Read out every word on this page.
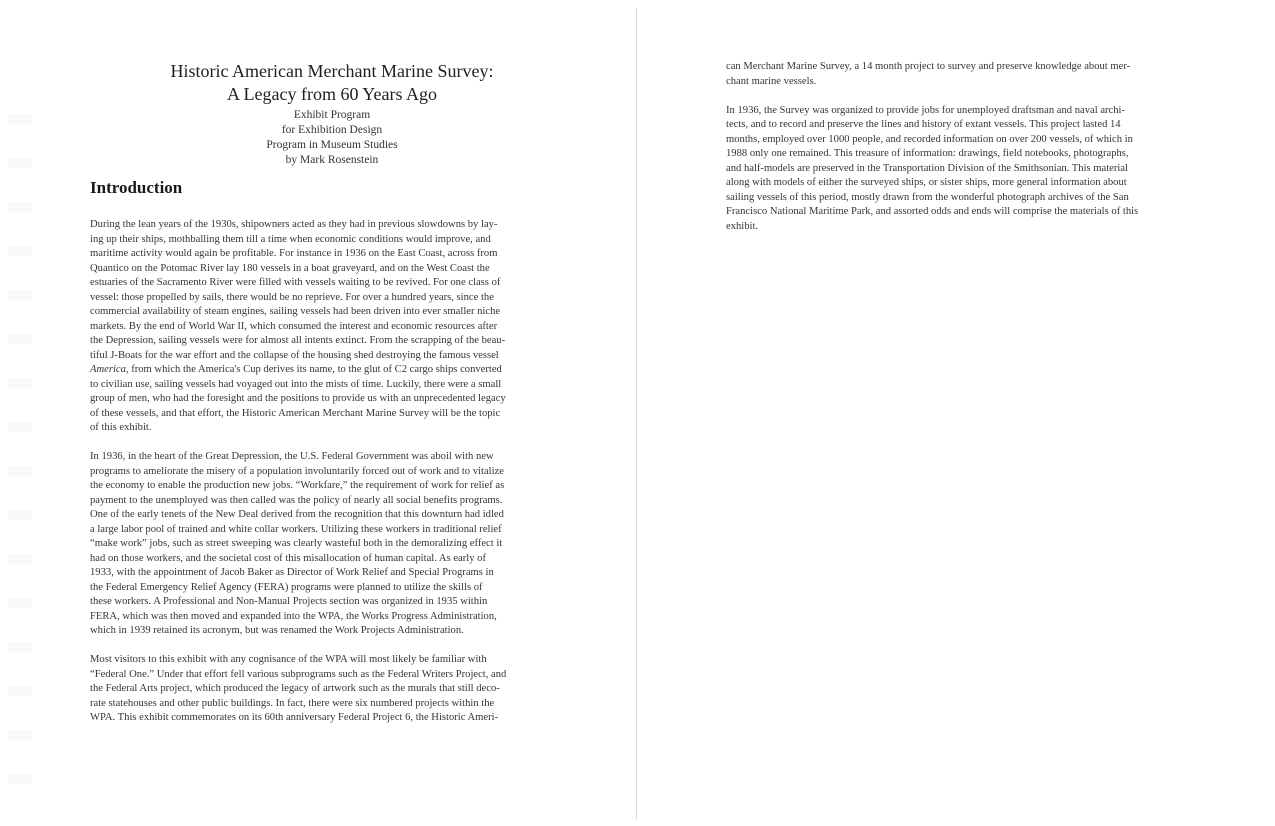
Historic American Merchant Marine Survey:
A Legacy from 60 Years Ago
Exhibit Program
for Exhibition Design
Program in Museum Studies
by Mark Rosenstein
Introduction
During the lean years of the 1930s, shipowners acted as they had in previous slowdowns by lay-
ing up their ships, mothballing them till a time when economic conditions would improve, and
maritime activity would again be profitable. For instance in 1936 on the East Coast, across from
Quantico on the Potomac River lay 180 vessels in a boat graveyard, and on the West Coast the
estuaries of the Sacramento River were filled with vessels waiting to be revived. For one class of
vessel: those propelled by sails, there would be no reprieve. For over a hundred years, since the
commercial availability of steam engines, sailing vessels had been driven into ever smaller niche
markets. By the end of World War II, which consumed the interest and economic resources after
the Depression, sailing vessels were for almost all intents extinct. From the scrapping of the beau-
tiful J-Boats for the war effort and the collapse of the housing shed destroying the famous vessel
America, from which the America's Cup derives its name, to the glut of C2 cargo ships converted
to civilian use, sailing vessels had voyaged out into the mists of time. Luckily, there were a small
group of men, who had the foresight and the positions to provide us with an unprecedented legacy
of these vessels, and that effort, the Historic American Merchant Marine Survey will be the topic
of this exhibit.
In 1936, in the heart of the Great Depression, the U.S. Federal Government was aboil with new
programs to ameliorate the misery of a population involuntarily forced out of work and to vitalize
the economy to enable the production new jobs. “Workfare,” the requirement of work for relief as
payment to the unemployed was then called was the policy of nearly all social benefits programs.
One of the early tenets of the New Deal derived from the recognition that this downturn had idled
a large labor pool of trained and white collar workers. Utilizing these workers in traditional relief
“make work” jobs, such as street sweeping was clearly wasteful both in the demoralizing effect it
had on those workers, and the societal cost of this misallocation of human capital. As early of
1933, with the appointment of Jacob Baker as Director of Work Relief and Special Programs in
the Federal Emergency Relief Agency (FERA) programs were planned to utilize the skills of
these workers. A Professional and Non-Manual Projects section was organized in 1935 within
FERA, which was then moved and expanded into the WPA, the Works Progress Administration,
which in 1939 retained its acronym, but was renamed the Work Projects Administration.
Most visitors to this exhibit with any cognisance of the WPA will most likely be familiar with
“Federal One.” Under that effort fell various subprograms such as the Federal Writers Project, and
the Federal Arts project, which produced the legacy of artwork such as the murals that still deco-
rate statehouses and other public buildings. In fact, there were six numbered projects within the
WPA. This exhibit commemorates on its 60th anniversary Federal Project 6, the Historic Ameri-
can Merchant Marine Survey, a 14 month project to survey and preserve knowledge about mer-
chant marine vessels.
In 1936, the Survey was organized to provide jobs for unemployed draftsman and naval archi-
tects, and to record and preserve the lines and history of extant vessels. This project lasted 14
months, employed over 1000 people, and recorded information on over 200 vessels, of which in
1988 only one remained. This treasure of information: drawings, field notebooks, photographs,
and half-models are preserved in the Transportation Division of the Smithsonian. This material
along with models of either the surveyed ships, or sister ships, more general information about
sailing vessels of this period, mostly drawn from the wonderful photograph archives of the San
Francisco National Maritime Park, and assorted odds and ends will comprise the materials of this
exhibit.
